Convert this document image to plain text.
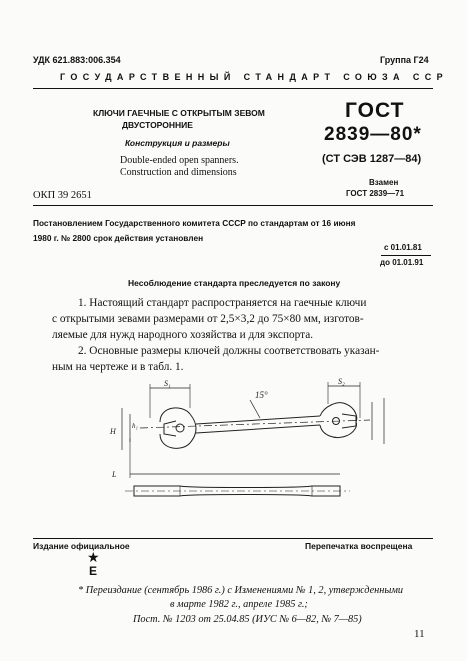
УДК 621.883:006.354	Группа Г24
ГОСУДАРСТВЕННЫЙ СТАНДАРТ СОЮЗА ССР
КЛЮЧИ ГАЕЧНЫЕ С ОТКРЫТЫМ ЗЕВОМ
ДВУСТОРОННИЕ
Конструкция и размеры
Double-ended open spanners.
Construction and dimensions
ОКП 39 2651
ГОСТ
2839—80*
(СТ СЭВ 1287—84)
Взамен
ГОСТ 2839—71
Постановлением Государственного комитета СССР по стандартам от 16 июня
1980 г. № 2800 срок действия установлен
с 01.01.81
до 01.01.91
Несоблюдение стандарта преследуется по закону
1. Настоящий стандарт распространяется на гаечные ключи
с открытыми зевами размерами от 2,5×3,2 до 75×80 мм, изготов-
ляемые для нужд народного хозяйства и для экспорта.
2. Основные размеры ключей должны соответствовать указан-
ным на чертеже и в табл. 1.
15°
S₁
H
h₁
S₂
L
Издание официальное	Перепечатка воспрещена
★
Е
* Переиздание (сентябрь 1986 г.) с Изменениями № 1, 2, утвержденными
в марте 1982 г., апреле 1985 г.;
Пост. № 1203 от 25.04.85 (ИУС № 6—82, № 7—85)
11
